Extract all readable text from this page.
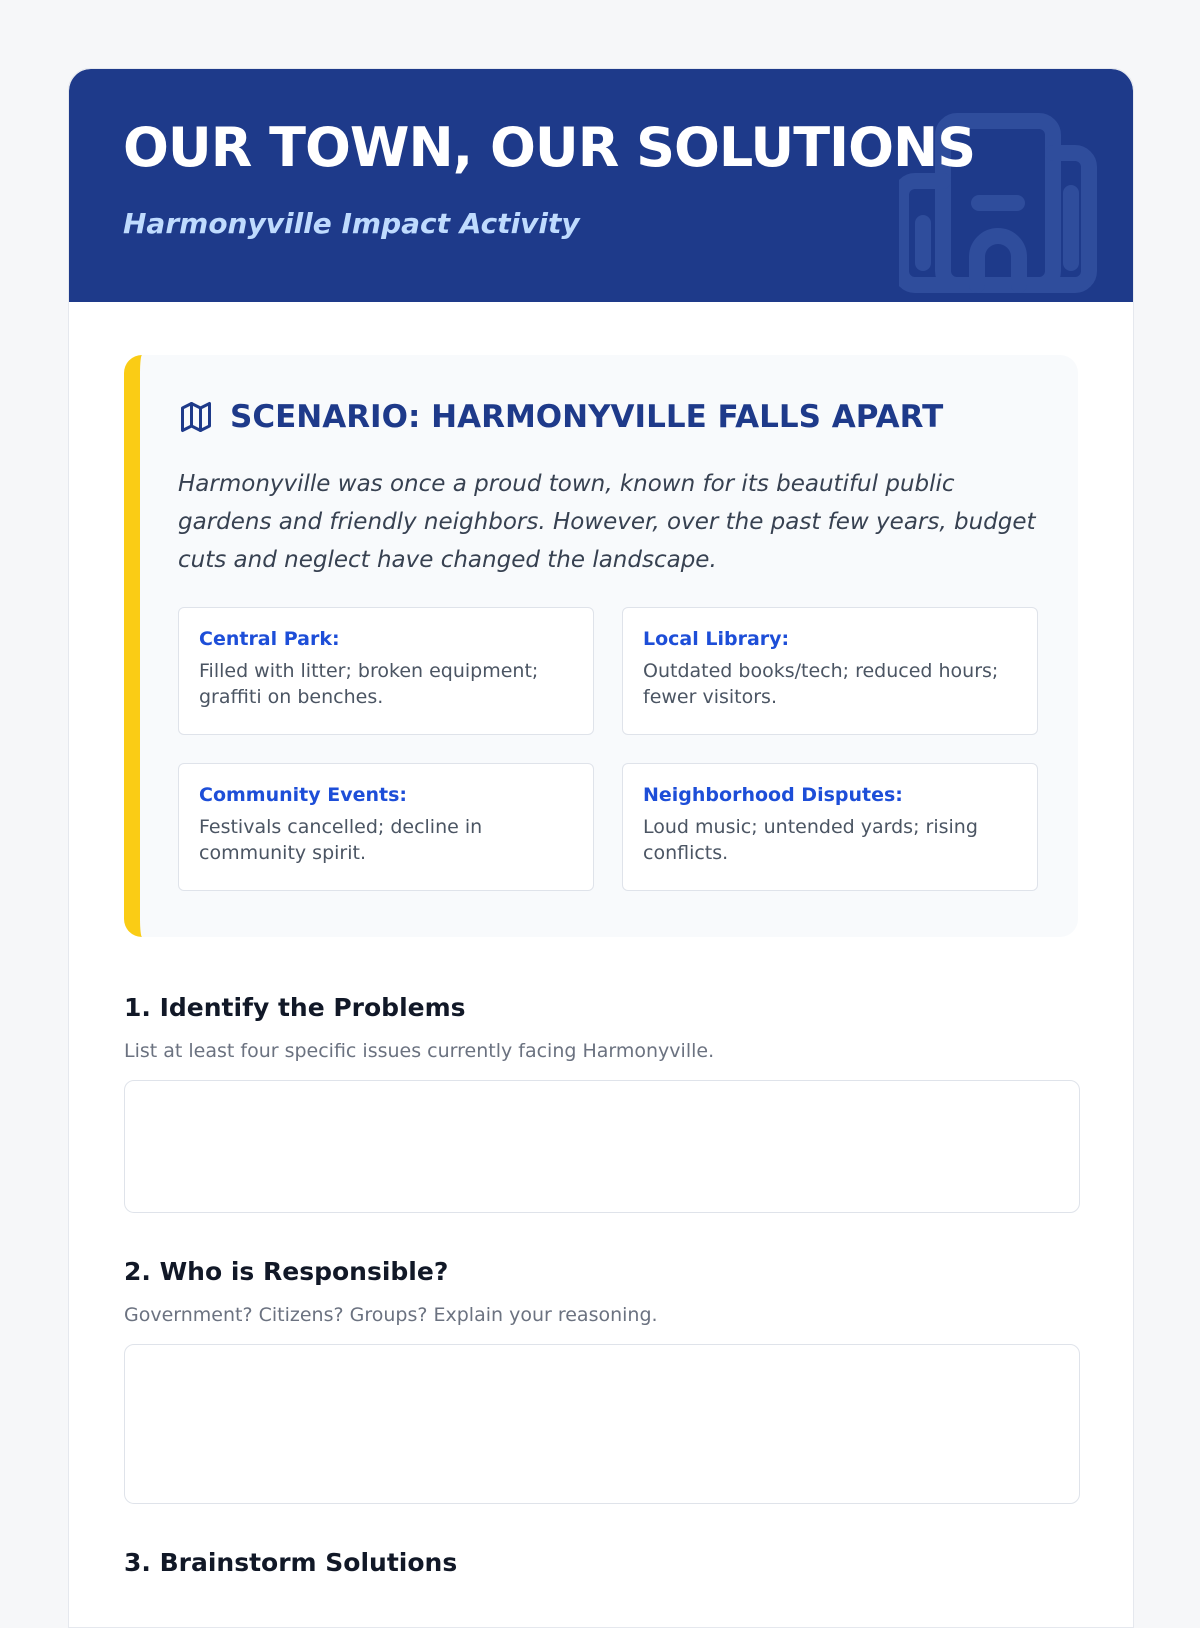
OUR TOWN, OUR SOLUTIONS

Harmonyville Impact Activity

SCENARIO: HARMONYVILLE FALLS APART

Harmonyville was once a proud town, known for its beautiful public gardens and friendly neighbors. However, over the past few years, budget cuts and neglect have changed the landscape.

Central Park:
Filled with litter; broken equipment; graffiti on benches.
Local Library:
Outdated books/tech; reduced hours; fewer visitors.
Community Events:
Festivals cancelled; decline in community spirit.
Neighborhood Disputes:
Loud music; untended yards; rising conflicts.
1. Identify the Problems

List at least four specific issues currently facing Harmonyville.

2. Who is Responsible?

Government? Citizens? Groups? Explain your reasoning.

3. Brainstorm Solutions
